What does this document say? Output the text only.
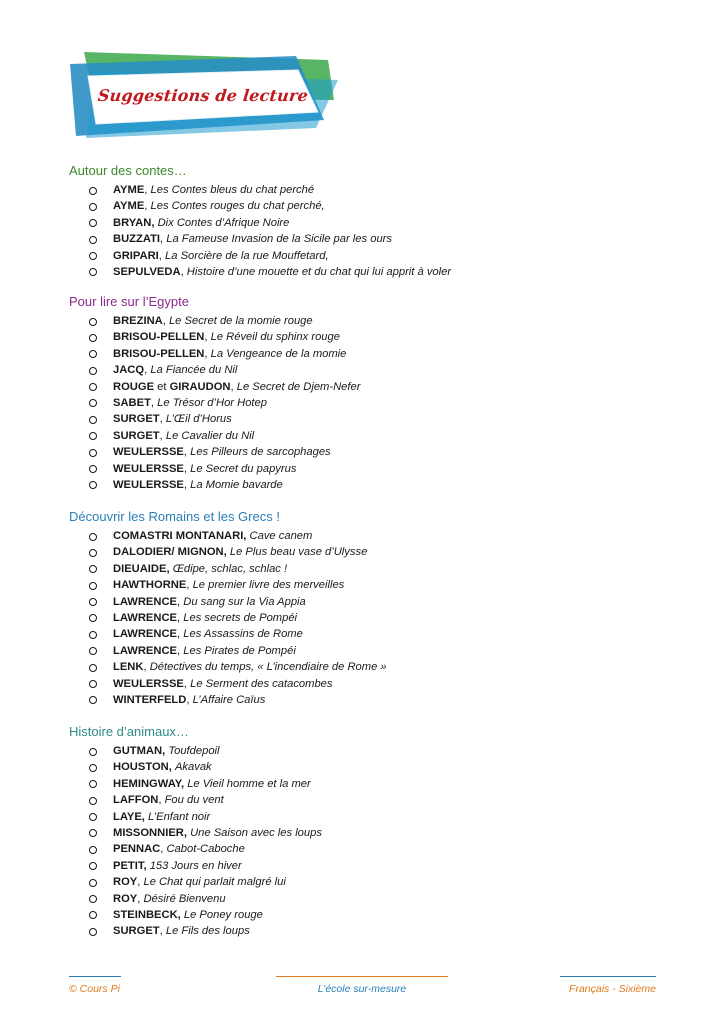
Suggestions de lecture
Autour des contes…
AYME, Les Contes bleus du chat perché
AYME, Les Contes rouges du chat perché,
BRYAN, Dix Contes d’Afrique Noire
BUZZATI, La Fameuse Invasion de la Sicile par les ours
GRIPARI, La Sorcière de la rue Mouffetard,
SEPULVEDA, Histoire d’une mouette et du chat qui lui apprit à voler
Pour lire sur l’Egypte
BREZINA, Le Secret de la momie rouge
BRISOU-PELLEN, Le Réveil du sphinx rouge
BRISOU-PELLEN, La Vengeance de la momie
JACQ, La Fiancée du Nil
ROUGE et GIRAUDON, Le Secret de Djem-Nefer
SABET, Le Trésor d’Hor Hotep
SURGET, L’Œil d’Horus
SURGET, Le Cavalier du Nil
WEULERSSE, Les Pilleurs de sarcophages
WEULERSSE, Le Secret du papyrus
WEULERSSE, La Momie bavarde
Découvrir les Romains et les Grecs !
COMASTRI MONTANARI, Cave canem
DALODIER/ MIGNON, Le Plus beau vase d’Ulysse
DIEUAIDE, Œdipe, schlac, schlac !
HAWTHORNE, Le premier livre des merveilles
LAWRENCE, Du sang sur la Via Appia
LAWRENCE, Les secrets de Pompéi
LAWRENCE, Les Assassins de Rome
LAWRENCE, Les Pirates de Pompéi
LENK, Détectives du temps, « L’incendiaire de Rome »
WEULERSSE, Le Serment des catacombes
WINTERFELD, L’Affaire Caïus
Histoire d’animaux…
GUTMAN, Toufdepoil
HOUSTON, Akavak
HEMINGWAY, Le Vieil homme et la mer
LAFFON, Fou du vent
LAYE, L’Enfant noir
MISSONNIER, Une Saison avec les loups
PENNAC, Cabot-Caboche
PETIT, 153 Jours en hiver
ROY, Le Chat qui parlait malgré lui
ROY, Désiré Bienvenu
STEINBECK, Le Poney rouge
SURGET, Le Fils des loups
© Cours Pi	L’école sur-mesure	Français - Sixième
